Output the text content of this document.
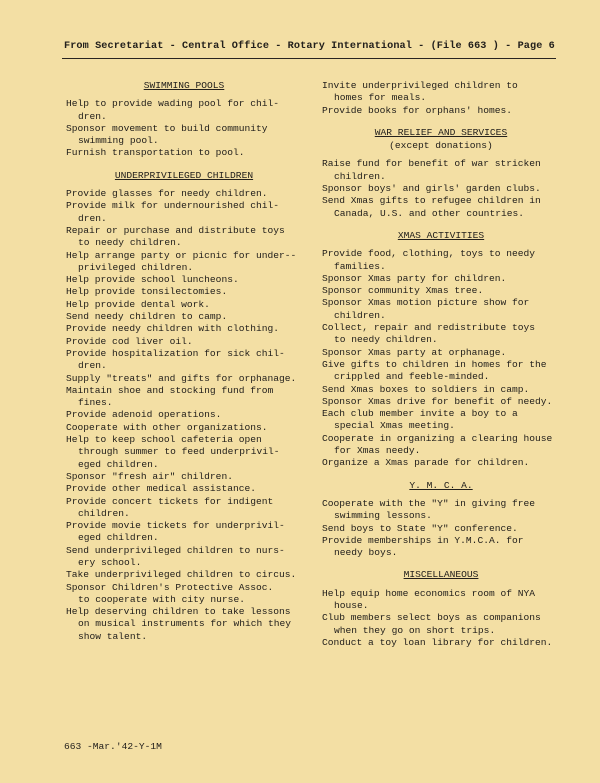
From Secretariat - Central Office - Rotary International - (File 663 ) - Page 6
SWIMMING POOLS

Help to provide wading pool for chil-
dren.

Sponsor movement to build community
swimming pool.

Furnish transportation to pool.

UNDERPRIVILEGED CHILDREN

Provide glasses for needy children.

Provide milk for undernourished chil-
dren.

Repair or purchase and distribute toys
to needy children.

Help arrange party or picnic for under--
privileged children.

Help provide school luncheons.

Help provide tonsilectomies.

Help provide dental work.

Send needy children to camp.

Provide needy children with clothing.

Provide cod liver oil.

Provide hospitalization for sick chil-
dren.

Supply "treats" and gifts for orphanage.

Maintain shoe and stocking fund from
fines.

Provide adenoid operations.

Cooperate with other organizations.

Help to keep school cafeteria open
through summer to feed underprivil-
eged children.

Sponsor "fresh air" children.

Provide other medical assistance.

Provide concert tickets for indigent
children.

Provide movie tickets for underprivil-
eged children.

Send underprivileged children to nurs-
ery school.

Take underprivileged children to circus.

Sponsor Children's Protective Assoc.
to cooperate with city nurse.

Help deserving children to take lessons
on musical instruments for which they
show talent.

Invite underprivileged children to
homes for meals.

Provide books for orphans' homes.

WAR RELIEF AND SERVICES
(except donations)

Raise fund for benefit of war stricken
children.

Sponsor boys' and girls' garden clubs.

Send Xmas gifts to refugee children in
Canada, U.S. and other countries.

XMAS ACTIVITIES

Provide food, clothing, toys to needy
families.

Sponsor Xmas party for children.

Sponsor community Xmas tree.

Sponsor Xmas motion picture show for
children.

Collect, repair and redistribute toys
to needy children.

Sponsor Xmas party at orphanage.

Give gifts to children in homes for the
crippled and feeble-minded.

Send Xmas boxes to soldiers in camp.

Sponsor Xmas drive for benefit of needy.

Each club member invite a boy to a
special Xmas meeting.

Cooperate in organizing a clearing house
for Xmas needy.

Organize a Xmas parade for children.

Y. M. C. A.

Cooperate with the "Y" in giving free
swimming lessons.

Send boys to State "Y" conference.

Provide memberships in Y.M.C.A. for
needy boys.

MISCELLANEOUS

Help equip home economics room of NYA
house.

Club members select boys as companions
when they go on short trips.

Conduct a toy loan library for children.

663 -Mar.'42-Y-1M
